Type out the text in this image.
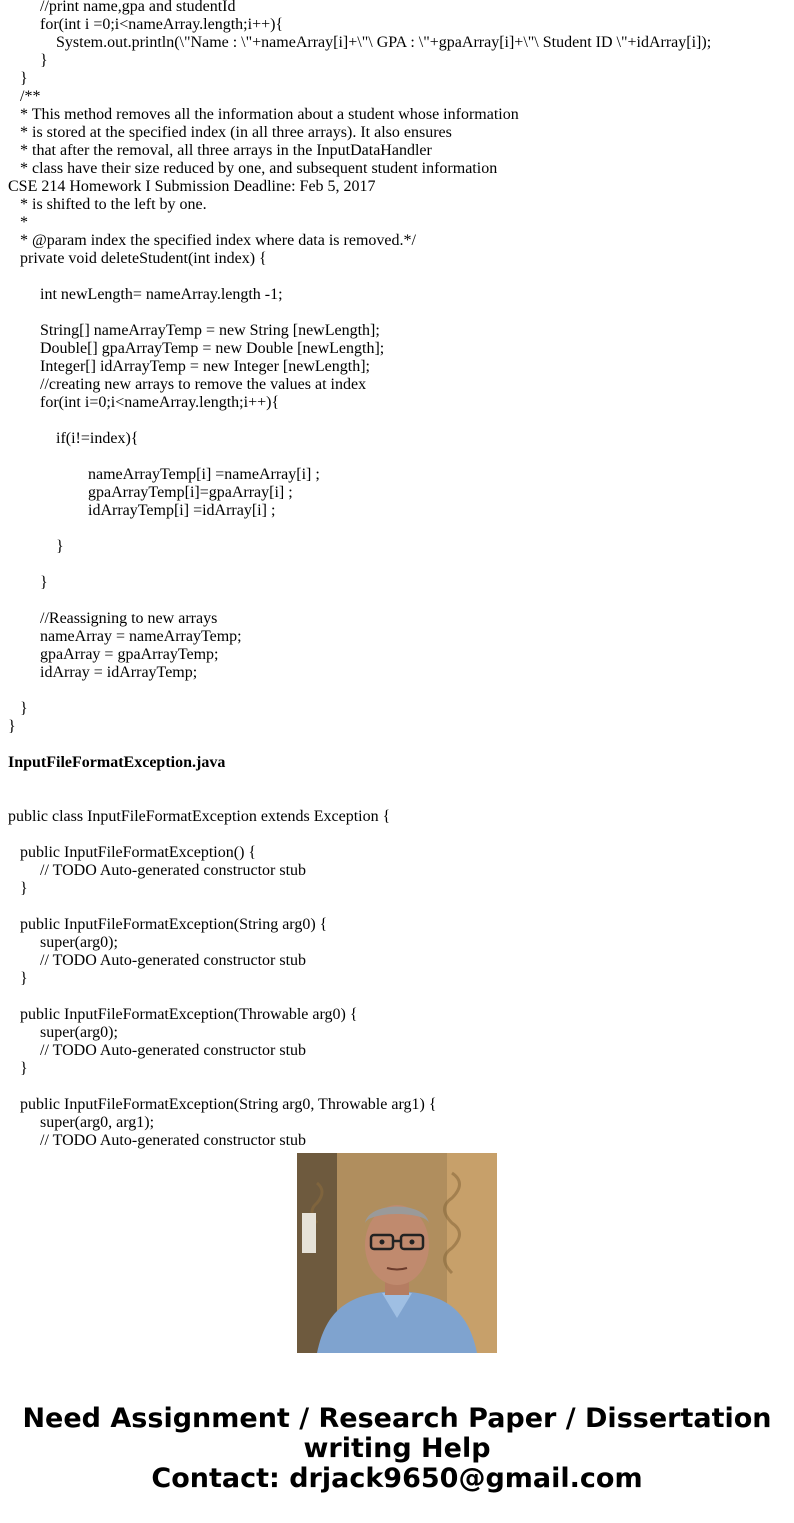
//print name,gpa and studentId
for(int i =0;i<nameArray.length;i++){
System.out.println(\"Name : \"+nameArray[i]+\"\ GPA : \"+gpaArray[i]+\"\ Student ID \"+idArray[i]);
}
}
/**
* This method removes all the information about a student whose information
* is stored at the specified index (in all three arrays). It also ensures
* that after the removal, all three arrays in the InputDataHandler
* class have their size reduced by one, and subsequent student information
CSE 214 Homework I Submission Deadline: Feb 5, 2017
* is shifted to the left by one.
*
* @param index the specified index where data is removed.*/
private void deleteStudent(int index) {
int newLength= nameArray.length -1;
String[] nameArrayTemp = new String [newLength];
Double[] gpaArrayTemp = new Double [newLength];
Integer[] idArrayTemp = new Integer [newLength];
//creating new arrays to remove the values at index
for(int i=0;i<nameArray.length;i++){
if(i!=index){
nameArrayTemp[i] =nameArray[i] ;
gpaArrayTemp[i]=gpaArray[i] ;
idArrayTemp[i] =idArray[i] ;
}
}
//Reassigning to new arrays
nameArray = nameArrayTemp;
gpaArray = gpaArrayTemp;
idArray = idArrayTemp;
}
}
InputFileFormatException.java
public class InputFileFormatException extends Exception {
public InputFileFormatException() {
// TODO Auto-generated constructor stub
}
public InputFileFormatException(String arg0) {
super(arg0);
// TODO Auto-generated constructor stub
}
public InputFileFormatException(Throwable arg0) {
super(arg0);
// TODO Auto-generated constructor stub
}
public InputFileFormatException(String arg0, Throwable arg1) {
super(arg0, arg1);
// TODO Auto-generated constructor stub
Need Assignment / Research Paper / Dissertation
writing Help
Contact: drjack9650@gmail.com
